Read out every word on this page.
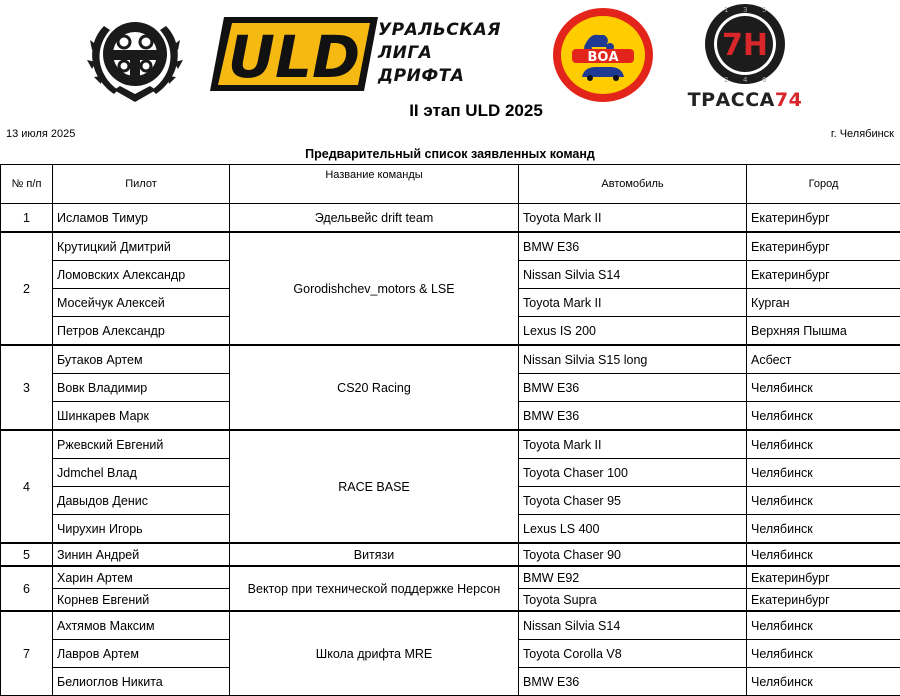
ULD УРАЛЬСКАЯ
ЛИГА
ДРИФТА
ВОА
1 3 5
2 4 6
7Н
ТРАССА74
II этап ULD 2025
13 июля 2025	г. Челябинск
Предварительный список заявленных команд
№ п/п	Пилот	Название команды	Автомобиль	Город
1	Исламов Тимур	Эдельвейс drift team	Toyota Mark II	Екатеринбург
2	Крутицкий Дмитрий	Gorodishchev_motors & LSE	BMW E36	Екатеринбург
	Ломовских Александр		Nissan Silvia S14	Екатеринбург
	Мосейчук Алексей		Toyota Mark II	Курган
	Петров Александр		Lexus IS 200	Верхняя Пышма
3	Бутаков Артем	CS20 Racing	Nissan Silvia S15 long	Асбест
	Вовк Владимир		BMW E36	Челябинск
	Шинкарев Марк		BMW E36	Челябинск
4	Ржевский Евгений	RACE BASE	Toyota Mark II	Челябинск
	Jdmchel Влад		Toyota Chaser 100	Челябинск
	Давыдов Денис		Toyota Chaser 95	Челябинск
	Чирухин Игорь		Lexus LS 400	Челябинск
5	Зинин Андрей	Витязи	Toyota Chaser 90	Челябинск
6	Харин Артем	Вектор при технической поддержке Нерсон	BMW E92	Екатеринбург
	Корнев Евгений		Toyota Supra	Екатеринбург
7	Ахтямов Максим	Школа дрифта MRE	Nissan Silvia S14	Челябинск
	Лавров Артем		Toyota Corolla V8	Челябинск
	Белиоглов Никита		BMW E36	Челябинск
